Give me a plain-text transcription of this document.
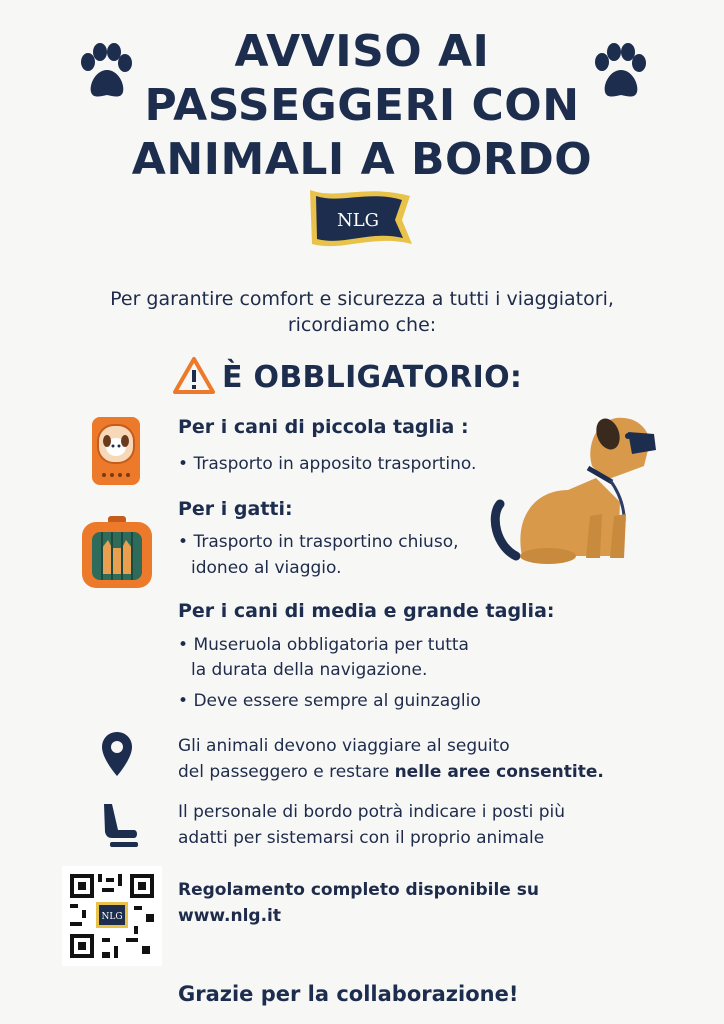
AVVISO AI
PASSEGGERI CON
ANIMALI A BORDO
NLG
Per garantire comfort e sicurezza a tutti i viaggiatori,
ricordiamo che:
È OBBLIGATORIO:
Per i cani di piccola taglia :
• Trasporto in apposito trasportino.
Per i gatti:
• Trasporto in trasportino chiuso,
idoneo al viaggio.
Per i cani di media e grande taglia:
• Museruola obbligatoria per tutta
la durata della navigazione.
• Deve essere sempre al guinzaglio
Gli animali devono viaggiare al seguito
del passeggero e restare nelle aree consentite.
Il personale di bordo potrà indicare i posti più
adatti per sistemarsi con il proprio animale
NLG
Regolamento completo disponibile su
www.nlg.it
Grazie per la collaborazione!
